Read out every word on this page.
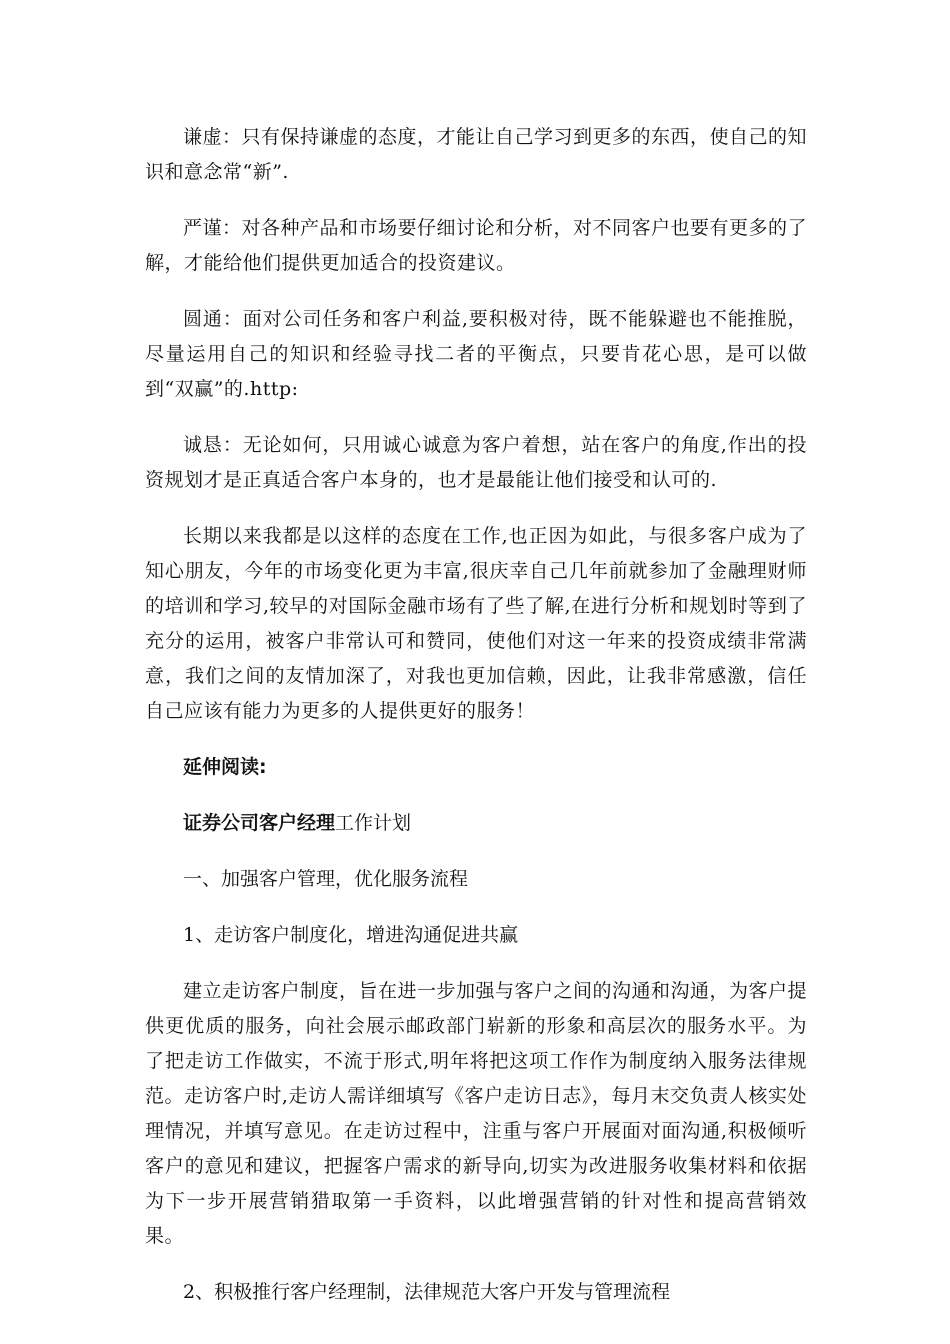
谦虚：只有保持谦虚的态度，才能让自己学习到更多的东西，使自己的知识和意念常“新”.

严谨：对各种产品和市场要仔细讨论和分析，对不同客户也要有更多的了解，才能给他们提供更加适合的投资建议。

圆通：面对公司任务和客户利益,要积极对待，既不能躲避也不能推脱，尽量运用自己的知识和经验寻找二者的平衡点，只要肯花心思，是可以做到“双赢”的.http:

诚恳：无论如何，只用诚心诚意为客户着想，站在客户的角度,作出的投资规划才是正真适合客户本身的，也才是最能让他们接受和认可的.

长期以来我都是以这样的态度在工作,也正因为如此，与很多客户成为了知心朋友，今年的市场变化更为丰富,很庆幸自己几年前就参加了金融理财师的培训和学习,较早的对国际金融市场有了些了解,在进行分析和规划时等到了充分的运用，被客户非常认可和赞同，使他们对这一年来的投资成绩非常满意，我们之间的友情加深了，对我也更加信赖，因此，让我非常感激，信任自己应该有能力为更多的人提供更好的服务！

延伸阅读:

证券公司客户经理工作计划

一、加强客户管理，优化服务流程

1、走访客户制度化，增进沟通促进共赢

建立走访客户制度，旨在进一步加强与客户之间的沟通和沟通，为客户提供更优质的服务，向社会展示邮政部门崭新的形象和高层次的服务水平。为了把走访工作做实，不流于形式,明年将把这项工作作为制度纳入服务法律规范。走访客户时,走访人需详细填写《客户走访日志》，每月末交负责人核实处理情况，并填写意见。在走访过程中，注重与客户开展面对面沟通,积极倾听客户的意见和建议，把握客户需求的新导向,切实为改进服务收集材料和依据为下一步开展营销猎取第一手资料，以此增强营销的针对性和提高营销效果。

2、积极推行客户经理制，法律规范大客户开发与管理流程
